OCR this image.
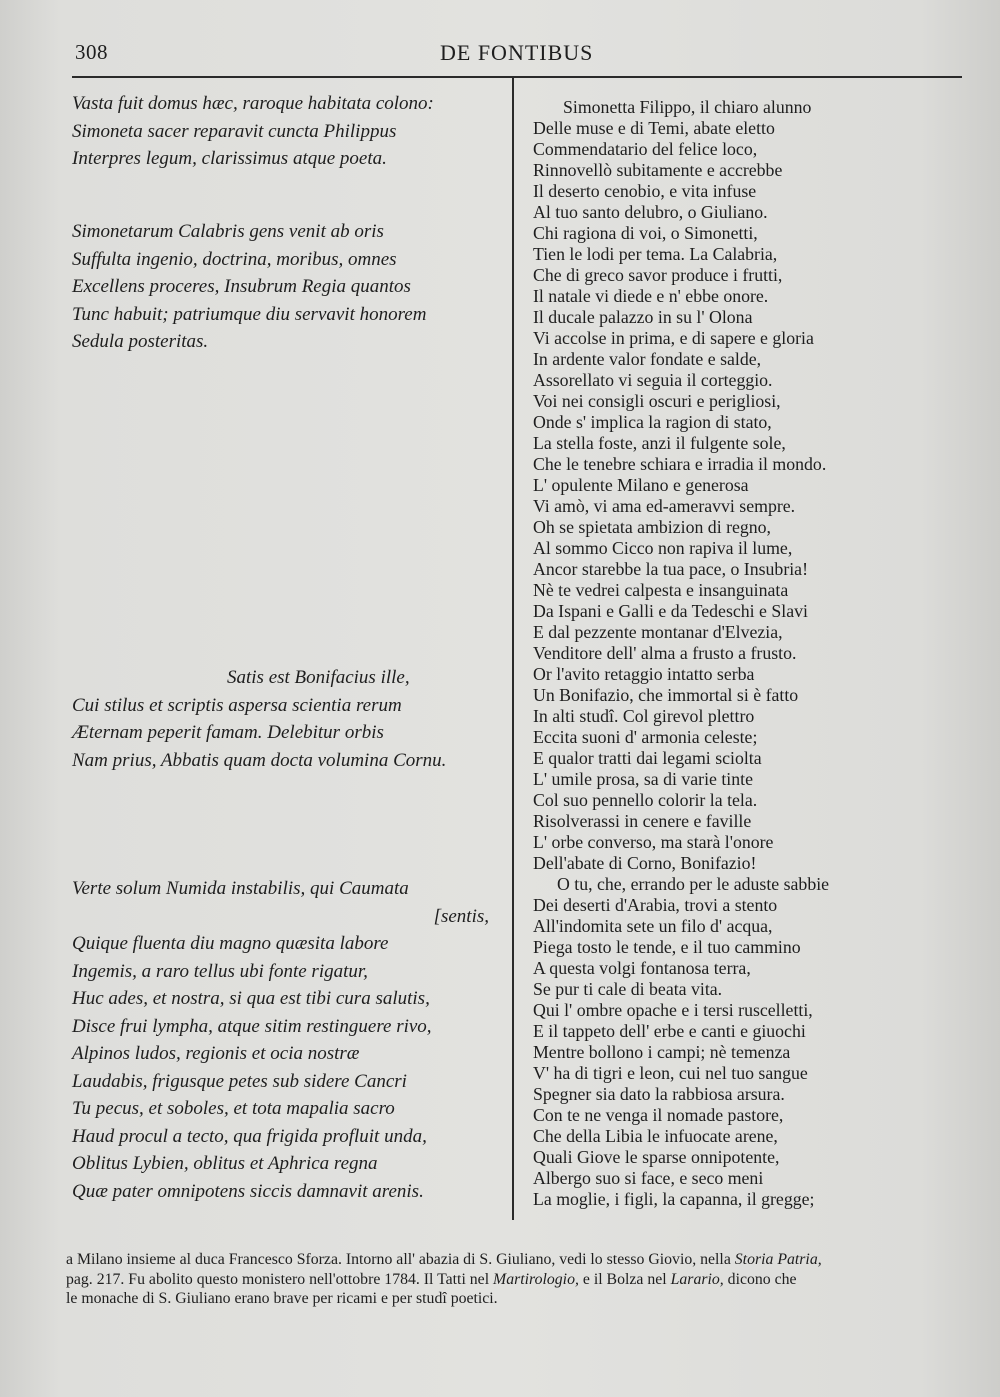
308	DE FONTIBUS
Vasta fuit domus hæc, raroque habitata colono:
Simoneta sacer reparavit cuncta Philippus
Interpres legum, clarissimus atque poeta.
Simonetarum Calabris gens venit ab oris
Suffulta ingenio, doctrina, moribus, omnes
Excellens proceres, Insubrum Regia quantos
Tunc habuit; patriumque diu servavit honorem
Sedula posteritas.
Satis est Bonifacius ille,
Cui stilus et scriptis aspersa scientia rerum
Æternam peperit famam. Delebitur orbis
Nam prius, Abbatis quam docta volumina Cornu.
Verte solum Numida instabilis, qui Caumata
[sentis,
Quique fluenta diu magno quæsita labore
Ingemis, a raro tellus ubi fonte rigatur,
Huc ades, et nostra, si qua est tibi cura salutis,
Disce frui lympha, atque sitim restinguere rivo,
Alpinos ludos, regionis et ocia nostræ
Laudabis, frigusque petes sub sidere Cancri
Tu pecus, et soboles, et tota mapalia sacro
Haud procul a tecto, qua frigida profluit unda,
Oblitus Lybien, oblitus et Aphrica regna
Quæ pater omnipotens siccis damnavit arenis.
Simonetta Filippo, il chiaro alunno
Delle muse e di Temi, abate eletto
Commendatario del felice loco,
Rinnovellò subitamente e accrebbe
Il deserto cenobio, e vita infuse
Al tuo santo delubro, o Giuliano.
Chi ragiona di voi, o Simonetti,
Tien le lodi per tema. La Calabria,
Che di greco savor produce i frutti,
Il natale vi diede e n' ebbe onore.
Il ducale palazzo in su l' Olona
Vi accolse in prima, e di sapere e gloria
In ardente valor fondate e salde,
Assorellato vi seguia il corteggio.
Voi nei consigli oscuri e perigliosi,
Onde s' implica la ragion di stato,
La stella foste, anzi il fulgente sole,
Che le tenebre schiara e irradia il mondo.
L' opulente Milano e generosa
Vi amò, vi ama ed-ameravvi sempre.
Oh se spietata ambizion di regno,
Al sommo Cicco non rapiva il lume,
Ancor starebbe la tua pace, o Insubria!
Nè te vedrei calpesta e insanguinata
Da Ispani e Galli e da Tedeschi e Slavi
E dal pezzente montanar d'Elvezia,
Venditore dell' alma a frusto a frusto.
Or l'avito retaggio intatto serba
Un Bonifazio, che immortal si è fatto
In alti studî. Col girevol plettro
Eccita suoni d' armonia celeste;
E qualor tratti dai legami sciolta
L' umile prosa, sa di varie tinte
Col suo pennello colorir la tela.
Risolverassi in cenere e faville
L' orbe converso, ma starà l'onore
Dell'abate di Corno, Bonifazio!
O tu, che, errando per le aduste sabbie
Dei deserti d'Arabia, trovi a stento
All'indomita sete un filo d' acqua,
Piega tosto le tende, e il tuo cammino
A questa volgi fontanosa terra,
Se pur ti cale di beata vita.
Qui l' ombre opache e i tersi ruscelletti,
E il tappeto dell' erbe e canti e giuochi
Mentre bollono i campi; nè temenza
V' ha di tigri e leon, cui nel tuo sangue
Spegner sia dato la rabbiosa arsura.
Con te ne venga il nomade pastore,
Che della Libia le infuocate arene,
Quali Giove le sparse onnipotente,
Albergo suo si face, e seco meni
La moglie, i figli, la capanna, il gregge;
a Milano insieme al duca Francesco Sforza. Intorno all' abazia di S. Giuliano, vedi lo stesso Giovio, nella Storia Patria,
pag. 217. Fu abolito questo monistero nell'ottobre 1784. Il Tatti nel Martirologio, e il Bolza nel Larario, dicono che
le monache di S. Giuliano erano brave per ricami e per studî poetici.
